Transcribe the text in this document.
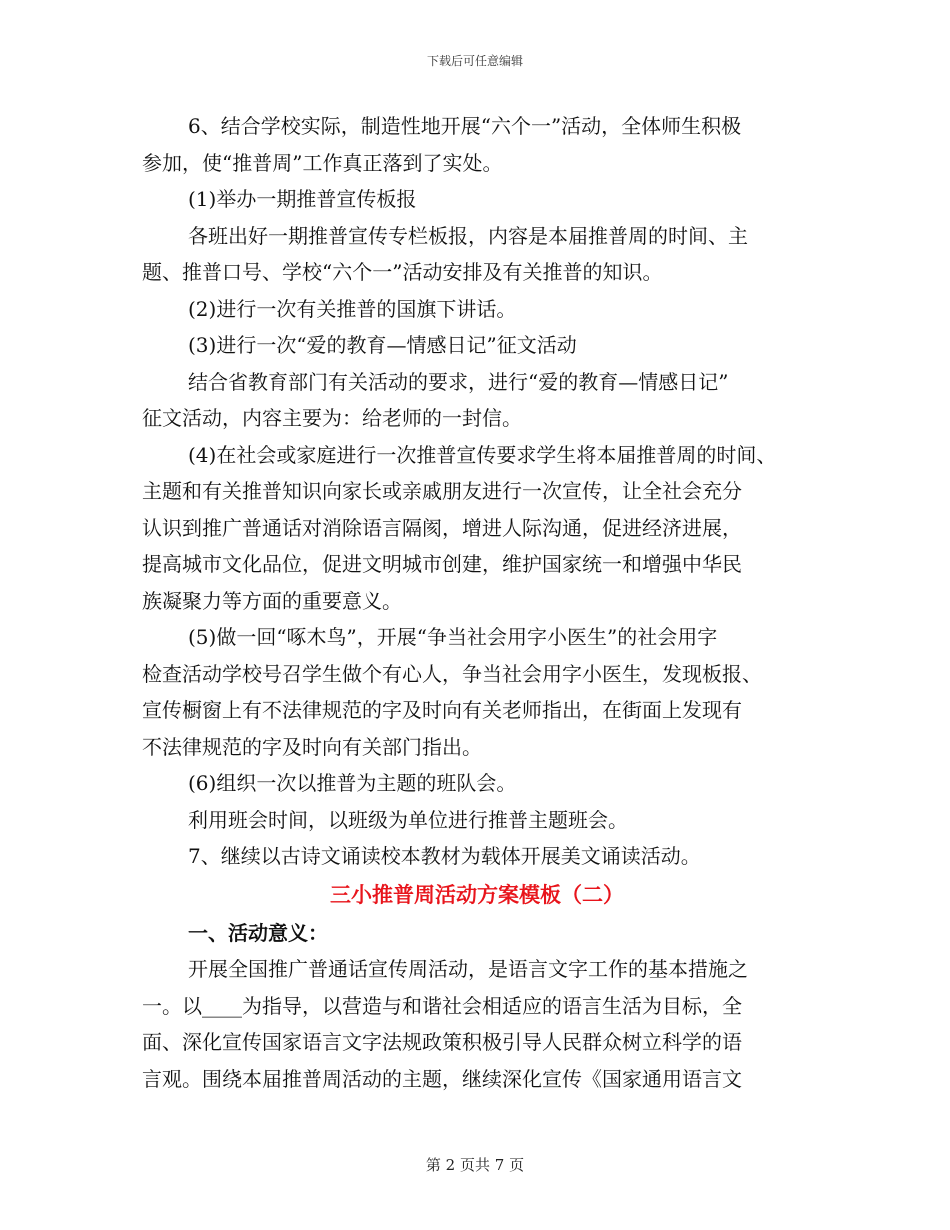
下载后可任意编辑
6、结合学校实际，制造性地开展“六个一”活动，全体师生积极
参加，使“推普周”工作真正落到了实处。
(1)举办一期推普宣传板报
各班出好一期推普宣传专栏板报，内容是本届推普周的时间、主
题、推普口号、学校“六个一”活动安排及有关推普的知识。
(2)进行一次有关推普的国旗下讲话。
(3)进行一次“爱的教育—情感日记”征文活动
结合省教育部门有关活动的要求，进行“爱的教育—情感日记”
征文活动，内容主要为：给老师的一封信。
(4)在社会或家庭进行一次推普宣传要求学生将本届推普周的时间、
主题和有关推普知识向家长或亲戚朋友进行一次宣传，让全社会充分
认识到推广普通话对消除语言隔阂，增进人际沟通，促进经济进展，
提高城市文化品位，促进文明城市创建，维护国家统一和增强中华民
族凝聚力等方面的重要意义。
(5)做一回“啄木鸟”，开展“争当社会用字小医生”的社会用字
检查活动学校号召学生做个有心人，争当社会用字小医生，发现板报、
宣传橱窗上有不法律规范的字及时向有关老师指出，在街面上发现有
不法律规范的字及时向有关部门指出。
(6)组织一次以推普为主题的班队会。
利用班会时间，以班级为单位进行推普主题班会。
7、继续以古诗文诵读校本教材为载体开展美文诵读活动。
三小推普周活动方案模板（二）
一、活动意义：
开展全国推广普通话宣传周活动，是语言文字工作的基本措施之
一。以____为指导，以营造与和谐社会相适应的语言生活为目标，全
面、深化宣传国家语言文字法规政策积极引导人民群众树立科学的语
言观。围绕本届推普周活动的主题，继续深化宣传《国家通用语言文
第 2 页共 7 页
